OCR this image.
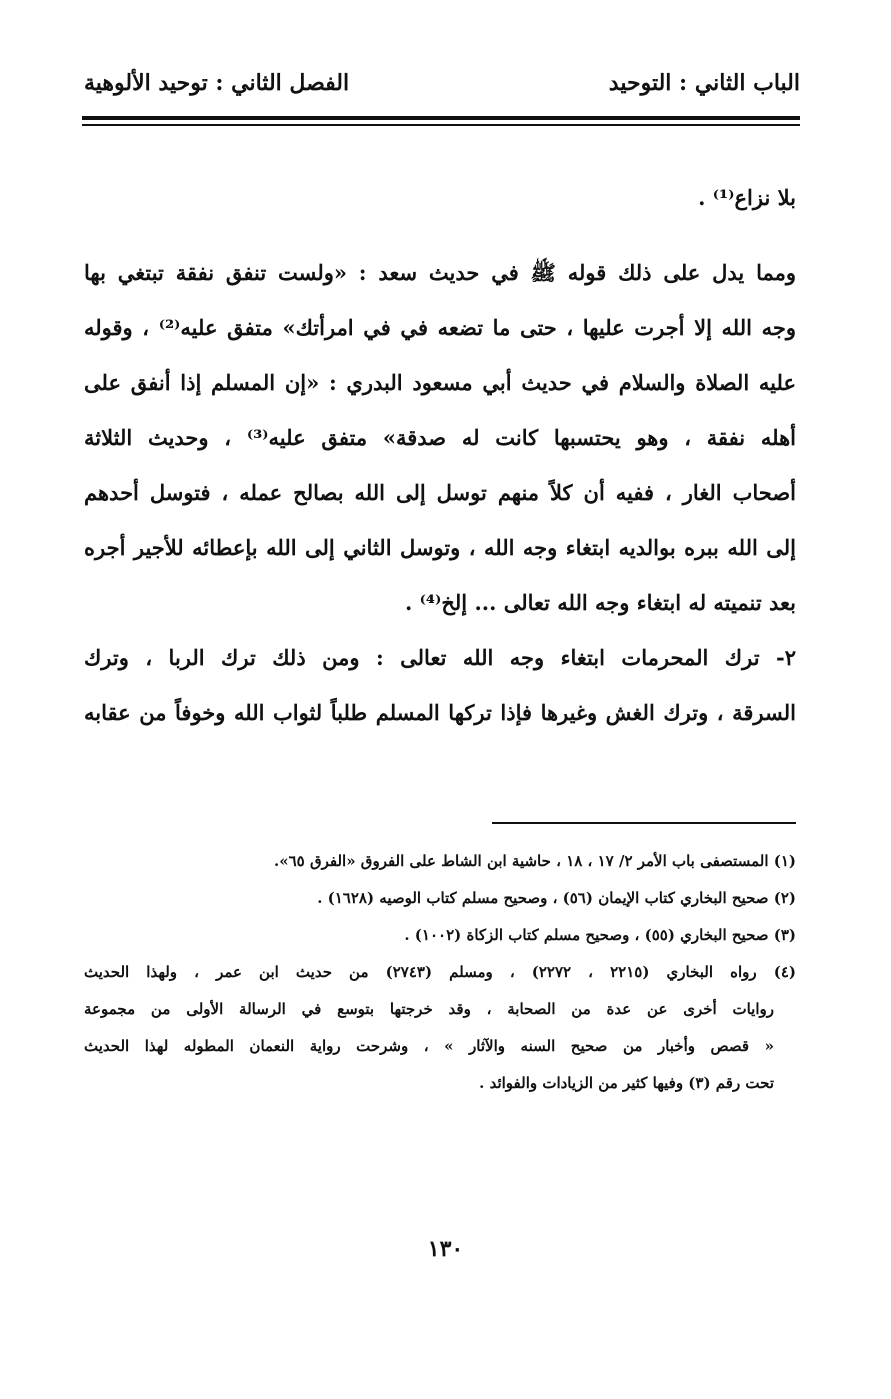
الباب الثاني : التوحيد
الفصل الثاني : توحيد الألوهية
بلا نزاع⁽¹⁾ .
ومما يدل على ذلك قوله ﷺ في حديث سعد : «ولست تنفق نفقة تبتغي بها
وجه الله إلا أجرت عليها ، حتى ما تضعه في في امرأتك» متفق عليه⁽²⁾ ، وقوله
عليه الصلاة والسلام في حديث أبي مسعود البدري : «إن المسلم إذا أنفق على
أهله نفقة ، وهو يحتسبها كانت له صدقة» متفق عليه⁽³⁾ ، وحديث الثلاثة
أصحاب الغار ، ففيه أن كلاً منهم توسل إلى الله بصالح عمله ، فتوسل أحدهم
إلى الله ببره بوالديه ابتغاء وجه الله ، وتوسل الثاني إلى الله بإعطائه للأجير أجره
بعد تنميته له ابتغاء وجه الله تعالى ... إلخ⁽⁴⁾ .
٢- ترك المحرمات ابتغاء وجه الله تعالى : ومن ذلك ترك الربا ، وترك
السرقة ، وترك الغش وغيرها فإذا تركها المسلم طلباً لثواب الله وخوفاً من عقابه
(١) المستصفى باب الأمر ٢/ ١٧ ، ١٨ ، حاشية ابن الشاط على الفروق «الفرق ٦٥».
(٢) صحيح البخاري كتاب الإيمان (٥٦) ، وصحيح مسلم كتاب الوصيه (١٦٢٨) .
(٣) صحيح البخاري (٥٥) ، وصحيح مسلم كتاب الزكاة (١٠٠٢) .
(٤) رواه البخاري (٢٢١٥ ، ٢٢٧٢) ، ومسلم (٢٧٤٣) من حديث ابن عمر ، ولهذا الحديث
روايات أخرى عن عدة من الصحابة ، وقد خرجتها بتوسع في الرسالة الأولى من مجموعة
« قصص وأخبار من صحيح السنه والآثار » ، وشرحت رواية النعمان المطوله لهذا الحديث
تحت رقم (٣) وفيها كثير من الزيادات والفوائد .
١٣٠
